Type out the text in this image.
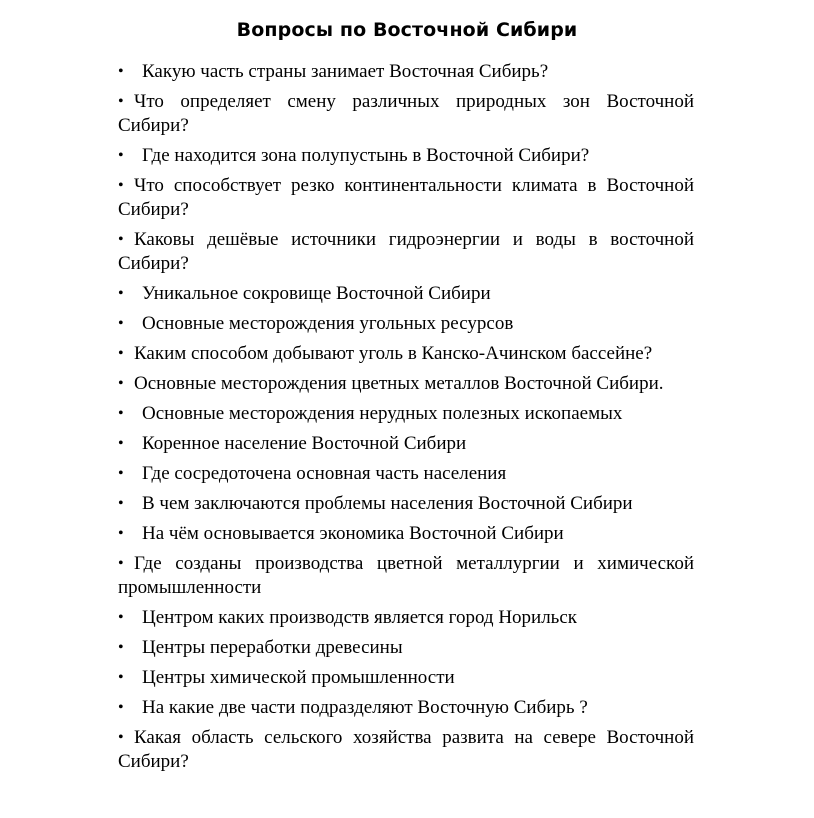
Вопросы по Восточной Сибири
• Какую часть страны занимает Восточная Сибирь?
• Что определяет смену различных природных зон Восточной Сибири?
• Где находится зона полупустынь в Восточной Сибири?
• Что способствует резко континентальности климата в Восточной Сибири?
• Каковы дешёвые источники гидроэнергии и воды в восточной Сибири?
• Уникальное сокровище Восточной Сибири
• Основные месторождения угольных ресурсов
• Каким способом добывают уголь в Канско-Ачинском бассейне?
• Основные месторождения цветных металлов Восточной Сибири.
• Основные месторождения нерудных полезных ископаемых
• Коренное население Восточной Сибири
• Где сосредоточена основная часть населения
• В чем заключаются проблемы населения Восточной Сибири
• На чём основывается экономика Восточной Сибири
• Где созданы производства цветной металлургии и химической промышленности
• Центром каких производств является город Норильск
• Центры переработки древесины
• Центры химической промышленности
• На какие две части подразделяют Восточную Сибирь ?
• Какая область сельского хозяйства развита на севере Восточной Сибири?
